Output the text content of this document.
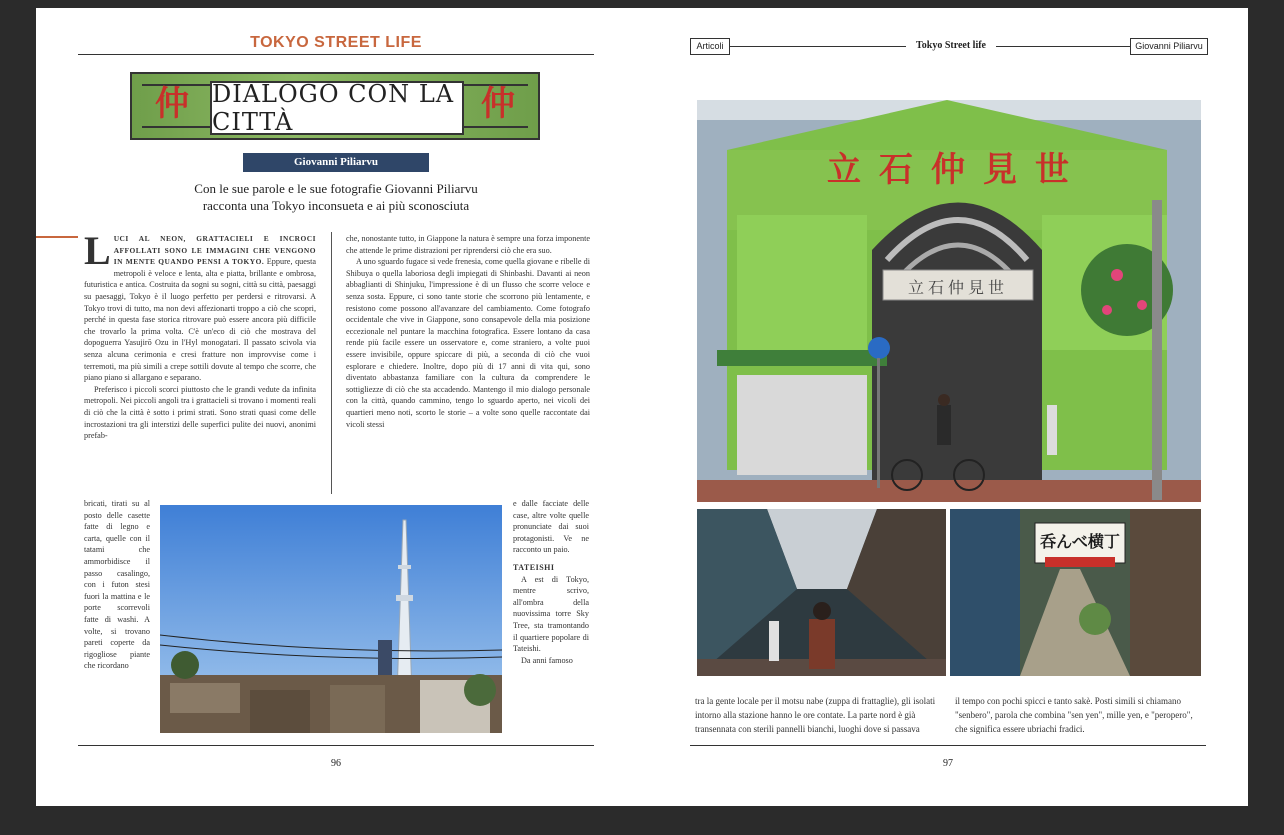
TOKYO STREET LIFE
仲 DIALOGO CON LA CITTÀ	仲
Giovanni Piliarvu
Con le sue parole e le sue fotografie Giovanni Piliarvu
racconta una Tokyo inconsueta e ai più sconosciuta
L UCI AL NEON, GRATTACIELI E INCROCI AFFOLLATI SONO LE IMMAGINI CHE VENGONO IN MENTE QUANDO PENSI A TOKYO. Eppure, questa metropoli è veloce e lenta, alta e piatta, brillante e ombrosa, futuristica e antica. Costruita da sogni su sogni, città su città, paesaggi su paesaggi, Tokyo è il luogo perfetto per perdersi e ritrovarsi. A Tokyo trovi di tutto, ma non devi affezionarti troppo a ciò che scopri, perché in questa fase storica ritrovare può essere ancora più difficile che trovarlo la prima volta. C'è un'eco di ciò che mostrava del dopoguerra Yasujirō Ozu in l'Hyl monogatari. Il passato scivola via senza alcuna cerimonia e cresi fratture non improvvise come i terremoti, ma più simili a crepe sottili dovute al tempo che scorre, che piano piano si allargano e separano.
Preferisco i piccoli scorci piuttosto che le grandi vedute da infinita metropoli. Nei piccoli angoli tra i grattacieli si trovano i momenti reali di ciò che la città è sotto i primi strati. Sono strati quasi come delle incrostazioni tra gli interstizi delle superfici pulite dei nuovi, anonimi prefab-
che, nonostante tutto, in Giappone la natura è sempre una forza imponente che attende le prime distrazioni per riprendersi ciò che era suo.
A uno sguardo fugace si vede frenesia, come quella giovane e ribelle di Shibuya o quella laboriosa degli impiegati di Shinbashi. Davanti ai neon abbaglianti di Shinjuku, l'impressione è di un flusso che scorre veloce e senza sosta. Eppure, ci sono tante storie che scorrono più lentamente, e resistono come possono all'avanzare del cambiamento. Come fotografo occidentale che vive in Giappone, sono consapevole della mia posizione eccezionale nel puntare la macchina fotografica. Essere lontano da casa rende più facile essere un osservatore e, come straniero, a volte puoi essere invisibile, oppure spiccare di più, a seconda di ciò che vuoi esplorare e chiedere. Inoltre, dopo più di 17 anni di vita qui, sono diventato abbastanza familiare con la cultura da comprendere le sottigliezze di ciò che sta accadendo. Mantengo il mio dialogo personale con la città, quando cammino, tengo lo sguardo aperto, nei vicoli dei quartieri meno noti, scorto le storie – a volte sono quelle raccontate dai vicoli stessi
bricati, tirati su al posto delle casette fatte di legno e carta, quelle con il tatami che ammorbidisce il passo casalingo, con i futon stesi fuori la mattina e le porte scorrevoli fatte di washi. A volte, si trovano pareti coperte da rigogliose piante che ricordano
e dalle facciate delle case, altre volte quelle pronunciate dai suoi protagonisti. Ve ne racconto un paio.
TATEISHI
A est di Tokyo, mentre scrivo, all'ombra della nuovissima torre Sky Tree, sta tramontando il quartiere popolare di Tateishi.
Da anni famoso
96
Articoli	Tokyo Street life	Giovanni Piliarvu
立石仲見世
立石仲見世
呑んべ横丁
tra la gente locale per il motsu nabe (zuppa di frattaglie), gli isolati intorno alla stazione hanno le ore contate. La parte nord è già transennata con sterili pannelli bianchi, luoghi dove si passava
il tempo con pochi spicci e tanto sakè. Posti simili si chiamano "senbero", parola che combina "sen yen", mille yen, e "peropero", che significa essere ubriachi fradici.
97
